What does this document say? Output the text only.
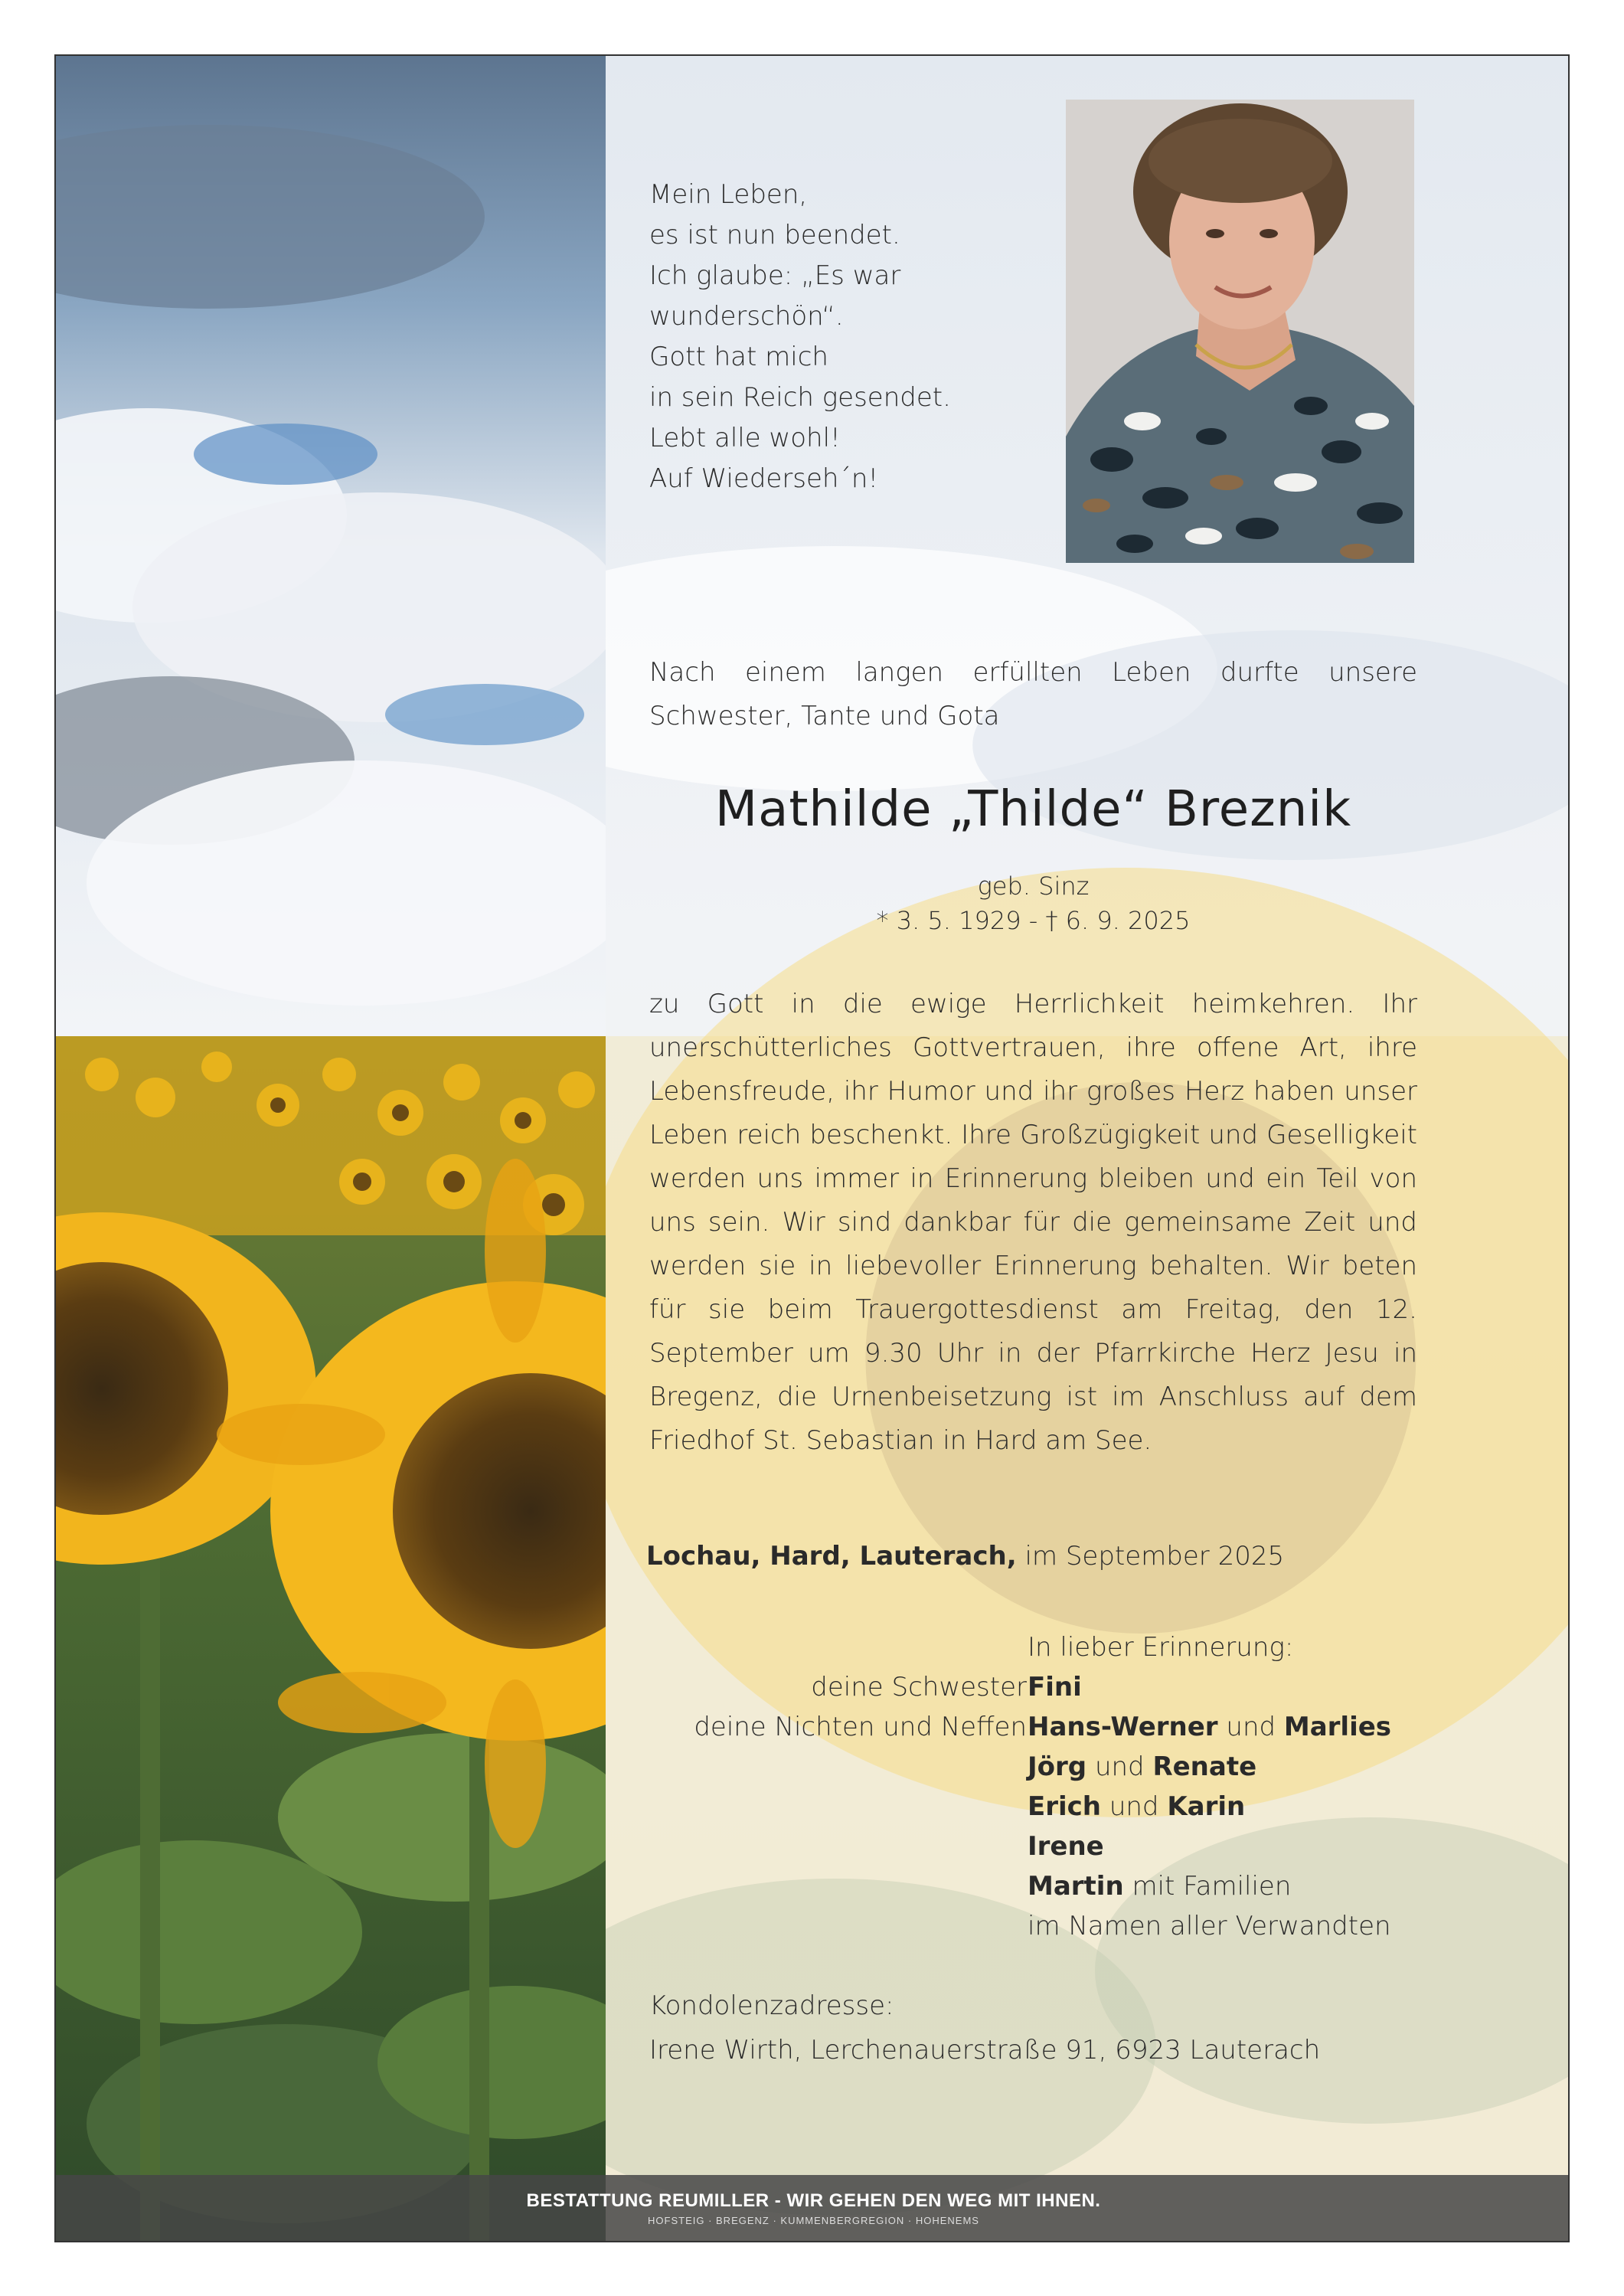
BESTATTUNG REUMILLER - WIR GEHEN DEN WEG MIT IHNEN.
HOFSTEIG · BREGENZ · KUMMENBERGREGION · HOHENEMS
Mein Leben,
es ist nun beendet.
Ich glaube: „Es war
wunderschön“.
Gott hat mich
in sein Reich gesendet.
Lebt alle wohl!
Auf Wiederseh´n!
Nach einem langen erfüllten Leben durfte unsere Schwester, Tante und Gota
Mathilde „Thilde“ Breznik
geb. Sinz
* 3. 5. 1929 - † 6. 9. 2025
zu Gott in die ewige Herrlichkeit heimkehren. Ihr unerschütterliches Gottvertrauen, ihre offene Art, ihre Lebensfreude, ihr Humor und ihr großes Herz haben unser Leben reich beschenkt. Ihre Großzügigkeit und Geselligkeit werden uns immer in Erinnerung bleiben und ein Teil von uns sein. Wir sind dankbar für die gemeinsame Zeit und werden sie in liebevoller Erinnerung behalten. Wir beten für sie beim Trauergottesdienst am Freitag, den 12. September um 9.30 Uhr in der Pfarrkirche Herz Jesu in Bregenz, die Urnenbeisetzung ist im Anschluss auf dem Friedhof St. Sebastian in Hard am See.
Lochau, Hard, Lauterach, im September 2025
In lieber Erinnerung:
deine Schwester Fini
deine Nichten und Neffen Hans-Werner und Marlies
Jörg und Renate
Erich und Karin
Irene
Martin mit Familien
im Namen aller Verwandten
Kondolenzadresse:
Irene Wirth, Lerchenauerstraße 91, 6923 Lauterach
